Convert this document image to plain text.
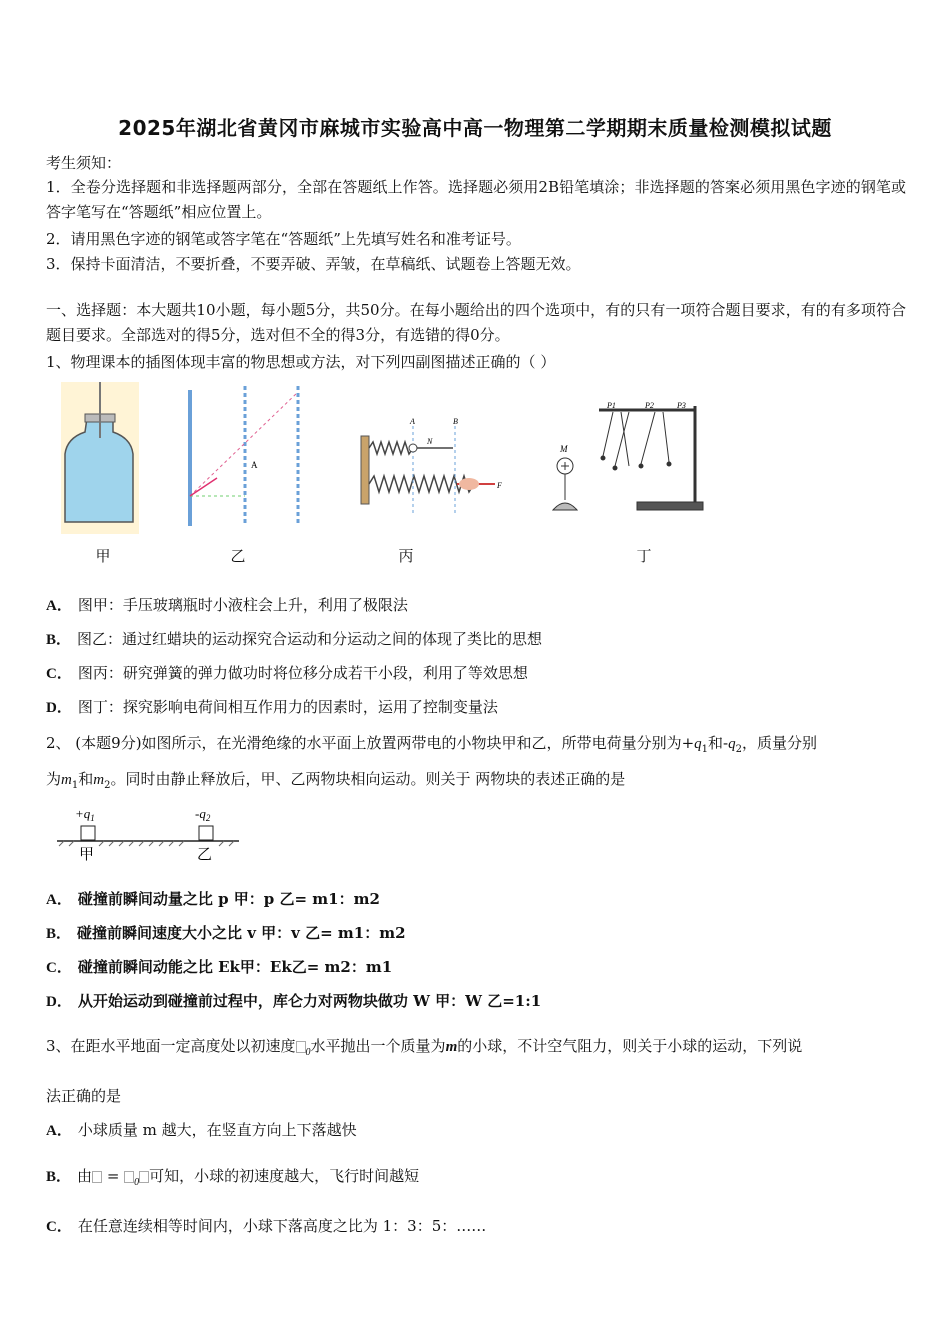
2025年湖北省黄冈市麻城市实验高中高一物理第二学期期末质量检测模拟试题
考生须知：
1．全卷分选择题和非选择题两部分，全部在答题纸上作答。选择题必须用2B铅笔填涂；非选择题的答案必须用黑色字迹的钢笔或答字笔写在“答题纸”相应位置上。
2．请用黑色字迹的钢笔或答字笔在“答题纸”上先填写姓名和准考证号。
3．保持卡面清洁，不要折叠，不要弄破、弄皱，在草稿纸、试题卷上答题无效。
一、选择题：本大题共10小题，每小题5分，共50分。在每小题给出的四个选项中，有的只有一项符合题目要求，有的有多项符合题目要求。全部选对的得5分，选对但不全的得3分，有选错的得0分。
1、物理课本的插图体现丰富的物思想或方法，对下列四副图描述正确的（ ）
A
A	B
N
F
M
P1	P2	P3
甲	乙	丙	丁
A． 图甲：手压玻璃瓶时小液柱会上升，利用了极限法
B． 图乙：通过红蜡块的运动探究合运动和分运动之间的体现了类比的思想
C． 图丙：研究弹簧的弹力做功时将位移分成若干小段，利用了等效思想
D． 图丁：探究影响电荷间相互作用力的因素时，运用了控制变量法
2、 (本题9分)如图所示，在光滑绝缘的水平面上放置两带电的小物块甲和乙，所带电荷量分别为$+q_1$和$-q_2$，质量分别
为$m_1$和$m_2$。同时由静止释放后，甲、乙两物块相向运动。则关于 两物块的表述正确的是
$+q_1$	$-q_2$
甲	乙
A． 碰撞前瞬间动量之比 p 甲：p 乙= m1：m2
B． 碰撞前瞬间速度大小之比 v 甲：v 乙= m1：m2
C． 碰撞前瞬间动能之比 Ek甲：Ek乙= m2：m1
D． 从开始运动到碰撞前过程中，库仑力对两物块做功 W 甲：W 乙=1:1
3、在距水平地面一定高度处以初速度 $_0$水平抛出一个质量为m的小球，不计空气阻力，则关于小球的运动，下列说
法正确的是
A． 小球质量 m 越大，在竖直方向上下落越快
B． 由 = $_0$ 可知，小球的初速度越大，飞行时间越短
C． 在任意连续相等时间内，小球下落高度之比为 1：3：5：……
